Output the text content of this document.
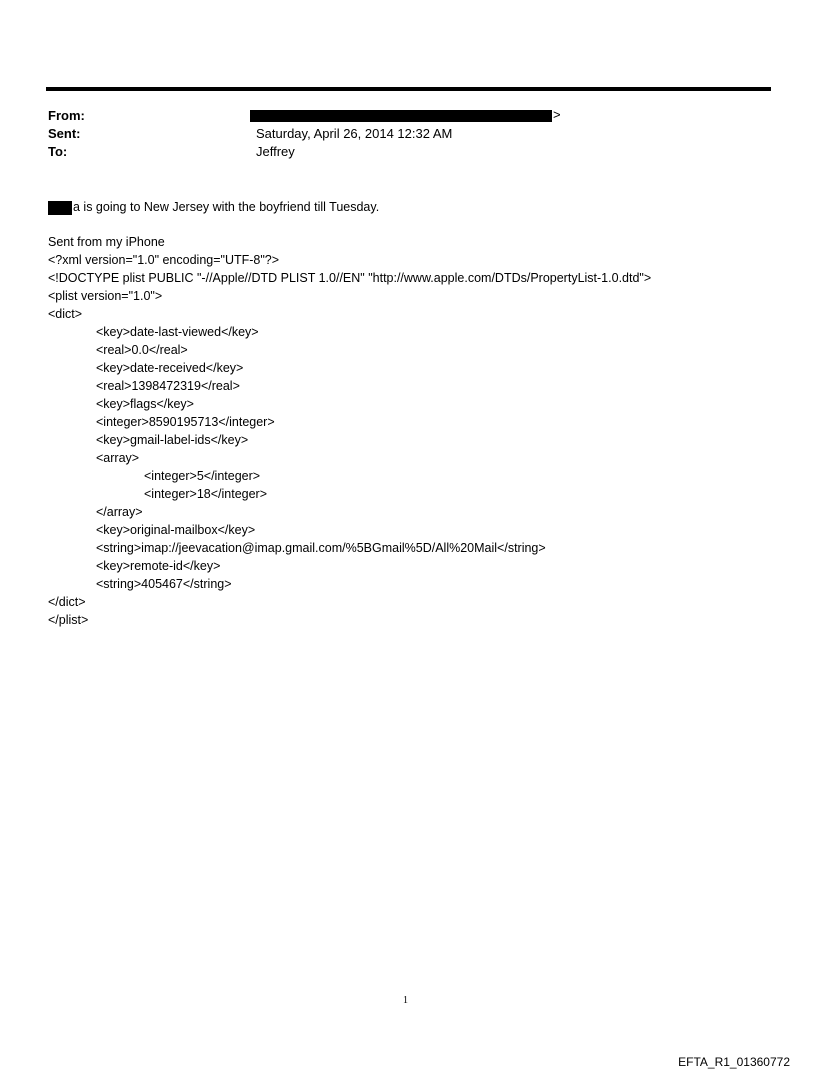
From:
Sent:
To:
>
Saturday, April 26, 2014 12:32 AM
Jeffrey
a is going to New Jersey with the boyfriend till Tuesday.
Sent from my iPhone
<?xml version="1.0" encoding="UTF-8"?>
<!DOCTYPE plist PUBLIC "-//Apple//DTD PLIST 1.0//EN" "http://www.apple.com/DTDs/PropertyList-1.0.dtd">
<plist version="1.0">
<dict>
<key>date-last-viewed</key>
<real>0.0</real>
<key>date-received</key>
<real>1398472319</real>
<key>flags</key>
<integer>8590195713</integer>
<key>gmail-label-ids</key>
<array>
<integer>5</integer>
<integer>18</integer>
</array>
<key>original-mailbox</key>
<string>imap://jeevacation@imap.gmail.com/%5BGmail%5D/All%20Mail</string>
<key>remote-id</key>
<string>405467</string>
</dict>
</plist>
1
EFTA_R1_01360772
